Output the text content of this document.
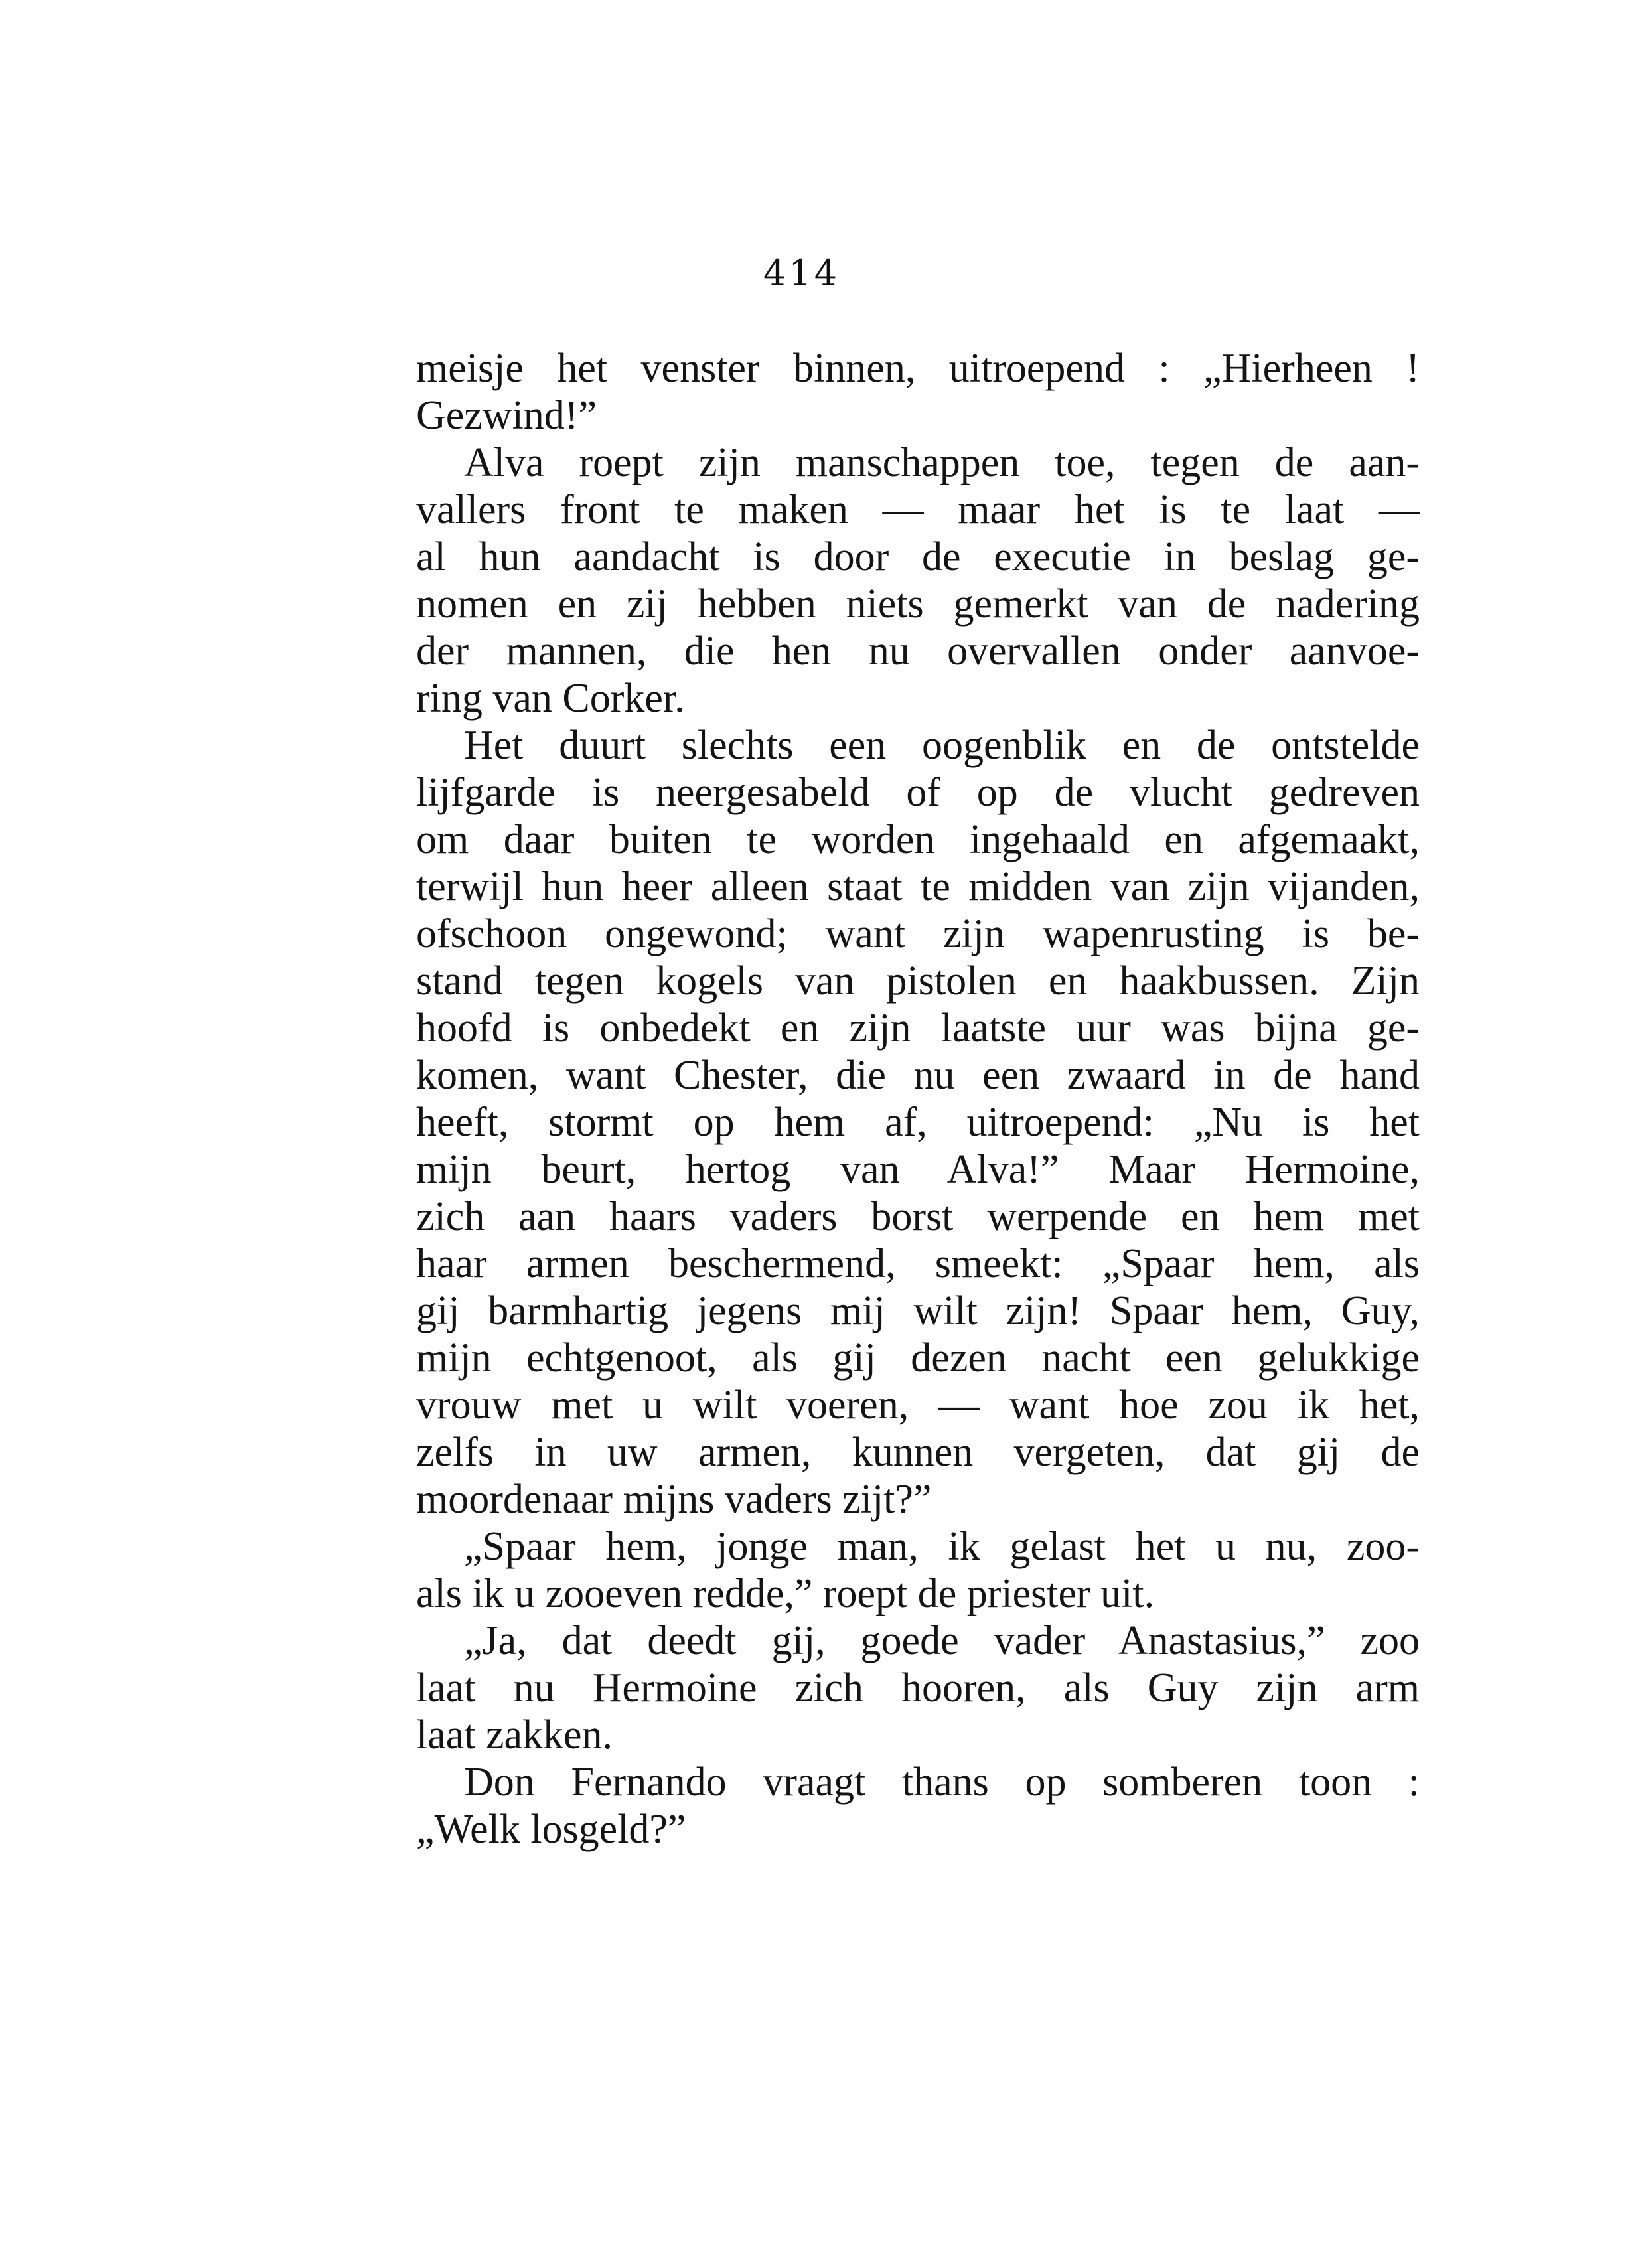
414

meisje het venster binnen, uitroepend : „Hierheen !
Gezwind!”

Alva roept zijn manschappen toe, tegen de aan-
vallers front te maken — maar het is te laat —
al hun aandacht is door de executie in beslag ge-
nomen en zij hebben niets gemerkt van de nadering
der mannen, die hen nu overvallen onder aanvoe-
ring van Corker.

Het duurt slechts een oogenblik en de ontstelde
lijfgarde is neergesabeld of op de vlucht gedreven
om daar buiten te worden ingehaald en afgemaakt,
terwijl hun heer alleen staat te midden van zijn vijanden,
ofschoon ongewond; want zijn wapenrusting is be-
stand tegen kogels van pistolen en haakbussen. Zijn
hoofd is onbedekt en zijn laatste uur was bijna ge-
komen, want Chester, die nu een zwaard in de hand
heeft, stormt op hem af, uitroepend: „Nu is het
mijn beurt, hertog van Alva!” Maar Hermoine,
zich aan haars vaders borst werpende en hem met
haar armen beschermend, smeekt: „Spaar hem, als
gij barmhartig jegens mij wilt zijn! Spaar hem, Guy,
mijn echtgenoot, als gij dezen nacht een gelukkige
vrouw met u wilt voeren, — want hoe zou ik het,
zelfs in uw armen, kunnen vergeten, dat gij de
moordenaar mijns vaders zijt?”

„Spaar hem, jonge man, ik gelast het u nu, zoo-
als ik u zooeven redde,” roept de priester uit.

„Ja, dat deedt gij, goede vader Anastasius,” zoo
laat nu Hermoine zich hooren, als Guy zijn arm
laat zakken.

Don Fernando vraagt thans op somberen toon :
„Welk losgeld?”
